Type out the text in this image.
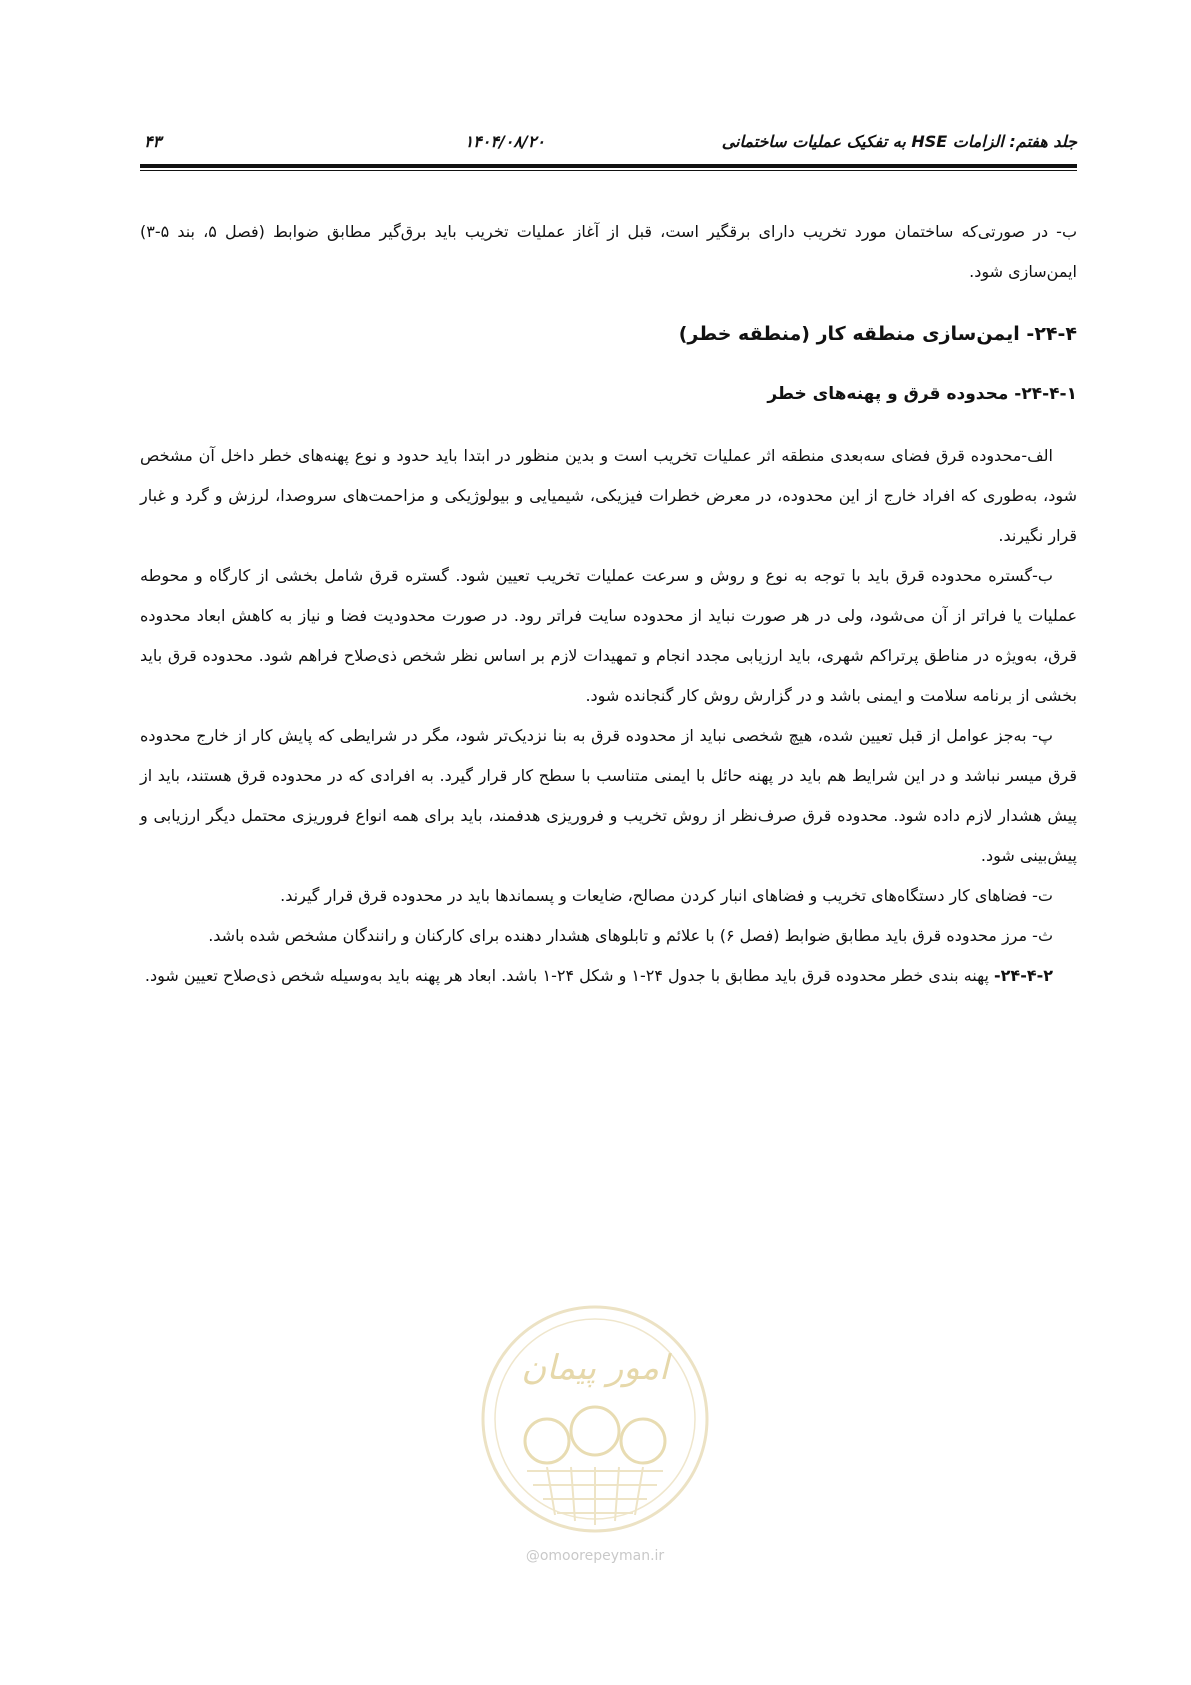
جلد هفتم: الزامات HSE به تفکیک عملیات ساختمانی
۱۴۰۴/۰۸/۲۰
۴۳

ب- در صورتی‌که ساختمان مورد تخریب دارای برقگیر است، قبل از آغاز عملیات تخریب باید برق‌گیر مطابق ضوابط (فصل ۵، بند ۵-۳) ایمن‌سازی شود.

۲۴-۴- ایمن‌سازی منطقه کار (منطقه خطر)
۲۴-۴-۱- محدوده قرق و پهنه‌های خطر

الف-محدوده قرق فضای سه‌بعدی منطقه اثر عملیات تخریب است و بدین منظور در ابتدا باید حدود و نوع پهنه‌های خطر داخل آن مشخص شود، به‌طوری که افراد خارج از این محدوده، در معرض خطرات فیزیکی، شیمیایی و بیولوژیکی و مزاحمت‌های سروصدا، لرزش و گرد و غبار قرار نگیرند.

ب-گستره محدوده قرق باید با توجه به نوع و روش و سرعت عملیات تخریب تعیین شود. گستره قرق شامل بخشی از کارگاه و محوطه عملیات یا فراتر از آن می‌شود، ولی در هر صورت نباید از محدوده سایت فراتر رود. در صورت محدودیت فضا و نیاز به کاهش ابعاد محدوده قرق، به‌ویژه در مناطق پرتراکم شهری، باید ارزیابی مجدد انجام و تمهیدات لازم بر اساس نظر شخص ذی‌صلاح فراهم شود. محدوده قرق باید بخشی از برنامه سلامت و ایمنی باشد و در گزارش روش کار گنجانده شود.

پ- به‌جز عوامل از قبل تعیین شده، هیچ شخصی نباید از محدوده قرق به بنا نزدیک‌تر شود، مگر در شرایطی که پایش کار از خارج محدوده قرق میسر نباشد و در این شرایط هم باید در پهنه حائل با ایمنی متناسب با سطح کار قرار گیرد. به افرادی که در محدوده قرق هستند، باید از پیش هشدار لازم داده شود. محدوده قرق صرف‌نظر از روش تخریب و فروریزی هدفمند، باید برای همه انواع فروریزی محتمل دیگر ارزیابی و پیش‌بینی شود.

ت- فضاهای کار دستگاه‌های تخریب و فضاهای انبار کردن مصالح، ضایعات و پسماندها باید در محدوده قرق قرار گیرند.

ث- مرز محدوده قرق باید مطابق ضوابط (فصل ۶) با علائم و تابلوهای هشدار دهنده برای کارکنان و رانندگان مشخص شده باشد.

۲۴-۴-۲- پهنه بندی خطر محدوده قرق باید مطابق با جدول ۲۴-۱ و شکل ۲۴-۱ باشد. ابعاد هر پهنه باید به‌وسیله شخص ذی‌صلاح تعیین شود.

امور پیمان
@omoorepeyman.ir
